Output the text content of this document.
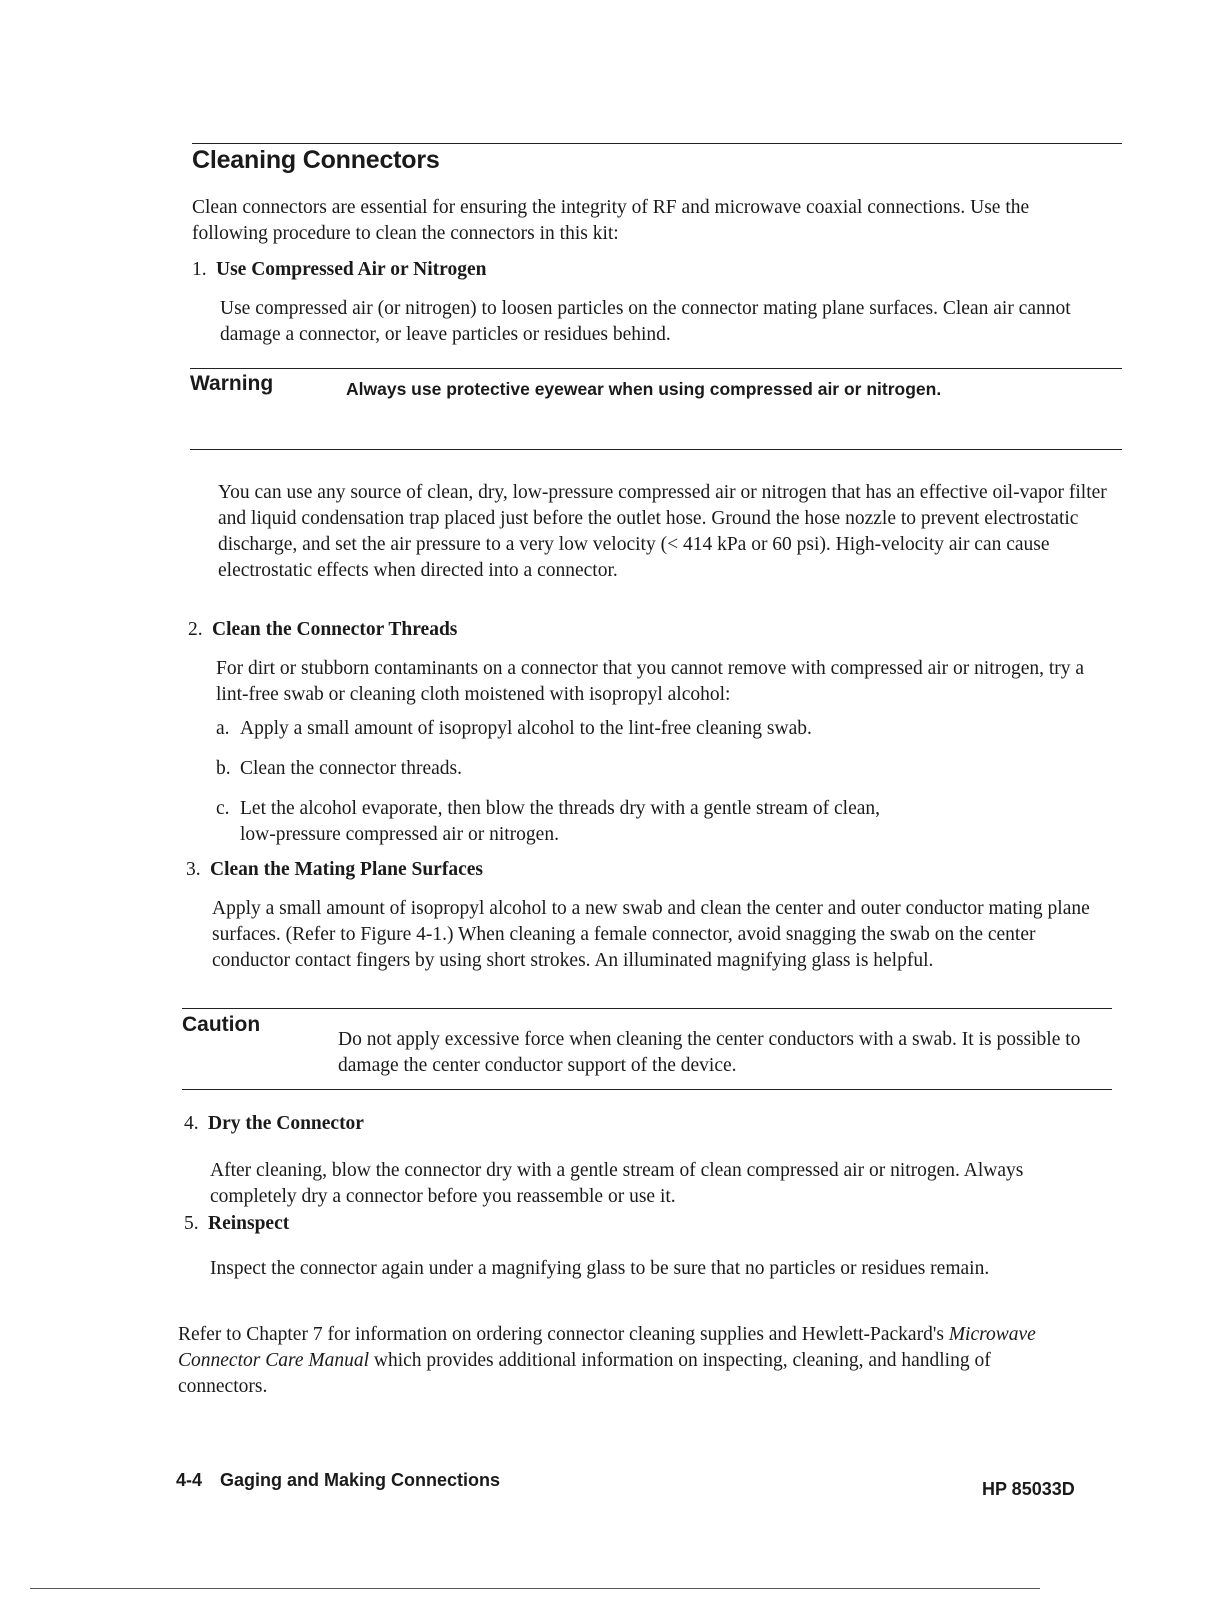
Cleaning Connectors
Clean connectors are essential for ensuring the integrity of RF and microwave coaxial connections. Use the following procedure to clean the connectors in this kit:
1. Use Compressed Air or Nitrogen
Use compressed air (or nitrogen) to loosen particles on the connector mating plane surfaces. Clean air cannot damage a connector, or leave particles or residues behind.
Warning	Always use protective eyewear when using compressed air or nitrogen.
You can use any source of clean, dry, low-pressure compressed air or nitrogen that has an effective oil-vapor filter and liquid condensation trap placed just before the outlet hose. Ground the hose nozzle to prevent electrostatic discharge, and set the air pressure to a very low velocity (< 414 kPa or 60 psi). High-velocity air can cause electrostatic effects when directed into a connector.
2. Clean the Connector Threads
For dirt or stubborn contaminants on a connector that you cannot remove with compressed air or nitrogen, try a lint-free swab or cleaning cloth moistened with isopropyl alcohol:
a. Apply a small amount of isopropyl alcohol to the lint-free cleaning swab.
b. Clean the connector threads.
c. Let the alcohol evaporate, then blow the threads dry with a gentle stream of clean,
low-pressure compressed air or nitrogen.
3. Clean the Mating Plane Surfaces
Apply a small amount of isopropyl alcohol to a new swab and clean the center and outer conductor mating plane surfaces. (Refer to Figure 4-1.) When cleaning a female connector, avoid snagging the swab on the center conductor contact fingers by using short strokes. An illuminated magnifying glass is helpful.
Caution
Do not apply excessive force when cleaning the center conductors with a swab. It is possible to damage the center conductor support of the device.
4. Dry the Connector
After cleaning, blow the connector dry with a gentle stream of clean compressed air or nitrogen. Always completely dry a connector before you reassemble or use it.
5. Reinspect
Inspect the connector again under a magnifying glass to be sure that no particles or residues remain.
Refer to Chapter 7 for information on ordering connector cleaning supplies and Hewlett-Packard's Microwave Connector Care Manual which provides additional information on inspecting, cleaning, and handling of connectors.
4-4 Gaging and Making Connections	HP 85033D
